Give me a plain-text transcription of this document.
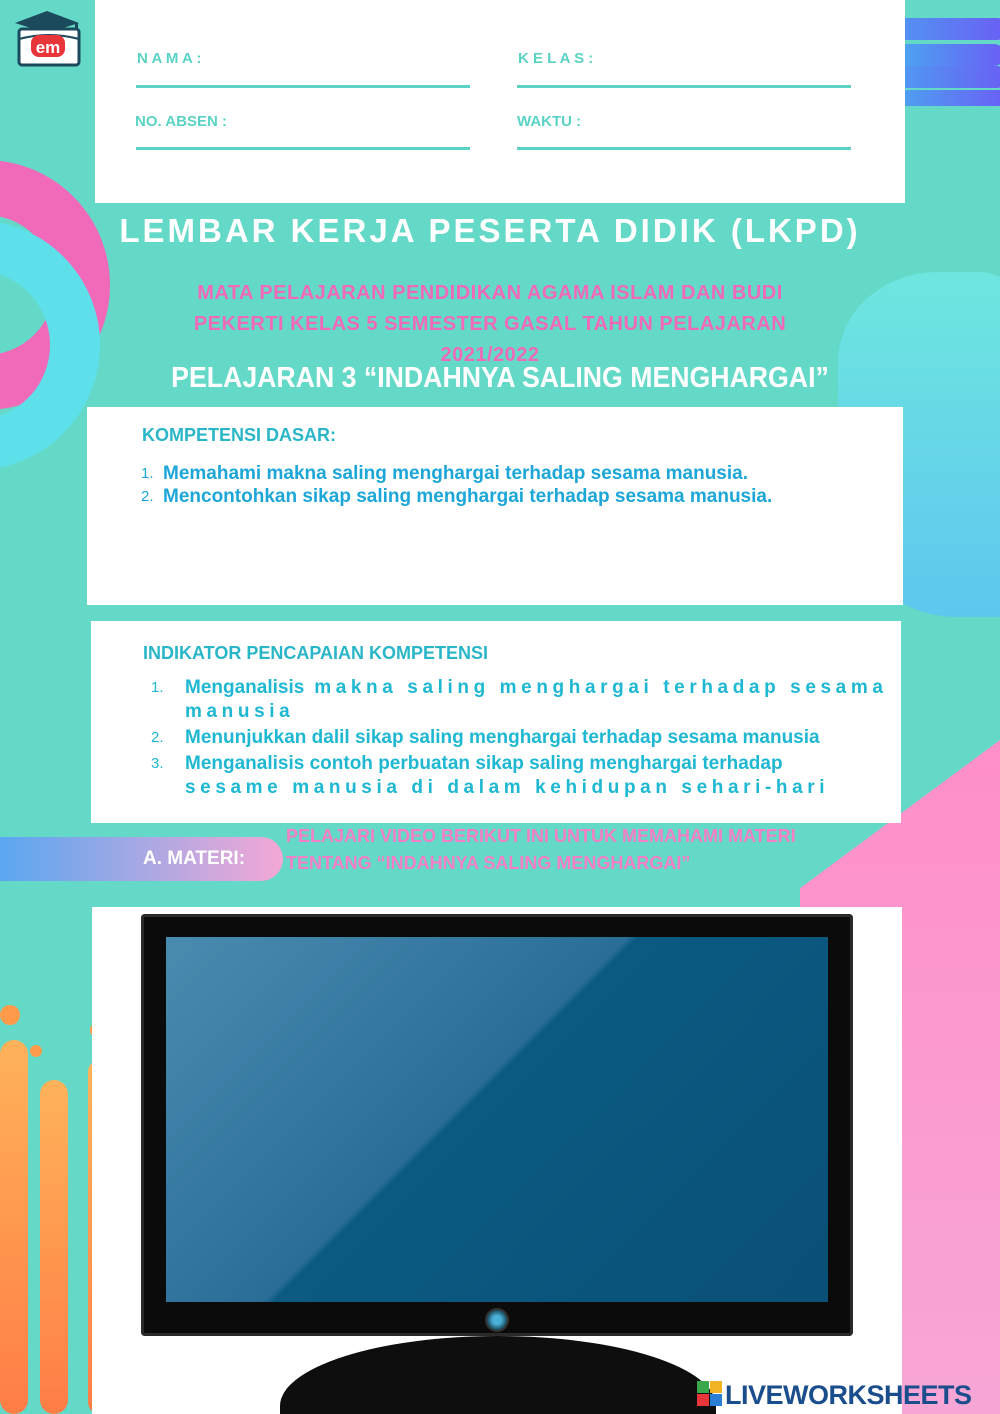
em
N A M A :	K E L A S :
NO. ABSEN :	WAKTU :
LEMBAR KERJA PESERTA DIDIK (LKPD)
MATA PELAJARAN PENDIDIKAN AGAMA ISLAM DAN BUDI PEKERTI KELAS 5 SEMESTER GASAL TAHUN PELAJARAN 2021/2022
PELAJARAN 3 “INDAHNYA SALING MENGHARGAI”
KOMPETENSI DASAR:
1. Memahami makna saling menghargai terhadap sesama manusia.
2. Mencontohkan sikap saling menghargai terhadap sesama manusia.
INDIKATOR PENCAPAIAN KOMPETENSI
1. Menganalisis makna saling menghargai terhadap sesama manusia
2. Menunjukkan dalil sikap saling menghargai terhadap sesama manusia
3. Menganalisis contoh perbuatan sikap saling menghargai terhadap
sesame manusia di dalam kehidupan sehari-hari
A. MATERI:
PELAJARI VIDEO BERIKUT INI UNTUK MEMAHAMI MATERI TENTANG “INDAHNYA SALING MENGHARGAI”
LIVEWORKSHEETS
